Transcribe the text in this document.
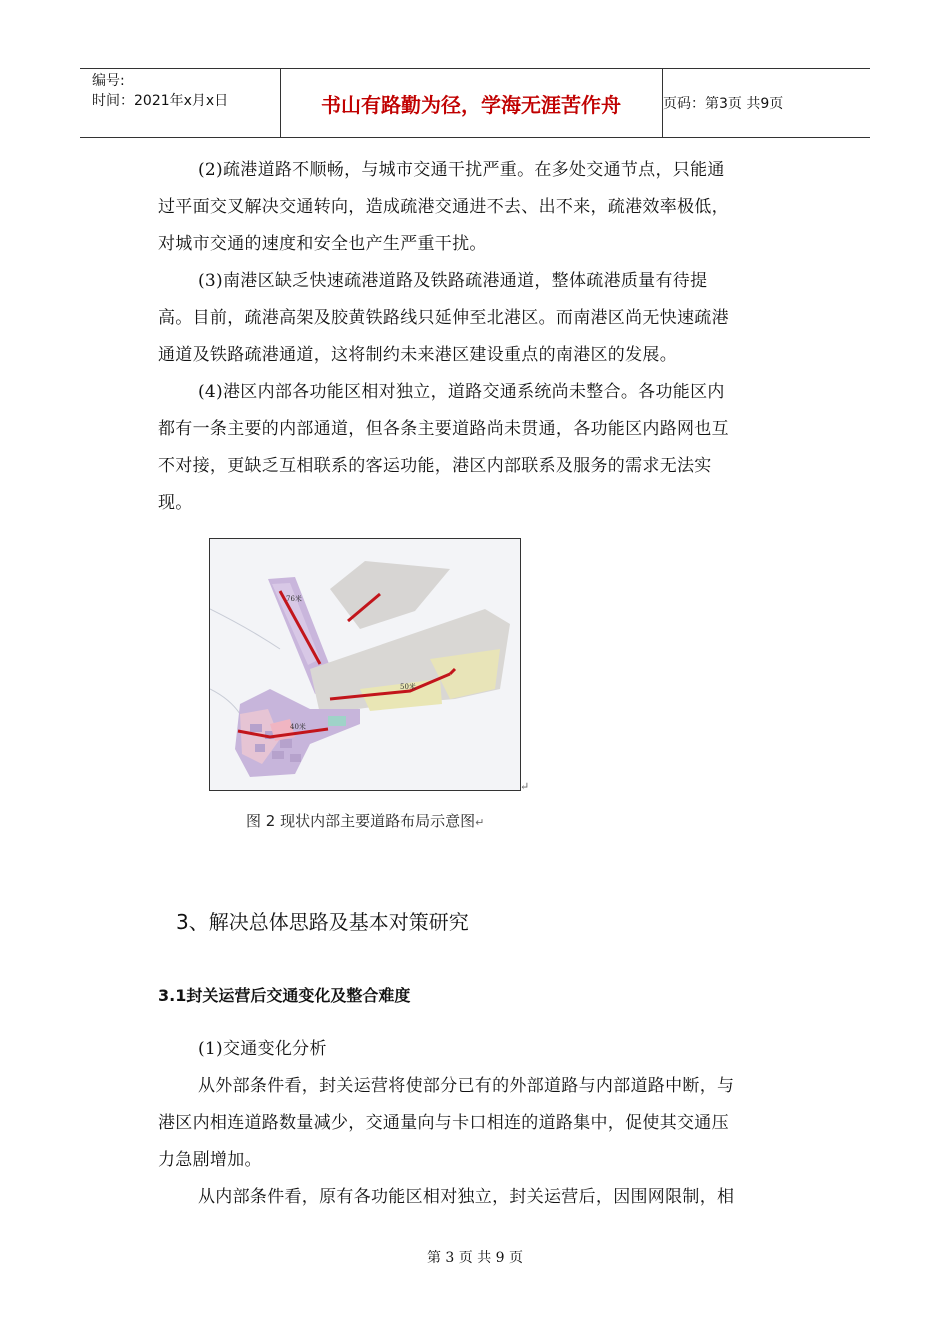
编号:
时间：2021年x月x日	书山有路勤为径，学海无涯苦作舟	页码：第3页 共9页

(2)疏港道路不顺畅，与城市交通干扰严重。在多处交通节点，只能通
过平面交叉解决交通转向，造成疏港交通进不去、出不来，疏港效率极低，
对城市交通的速度和安全也产生严重干扰。

(3)南港区缺乏快速疏港道路及铁路疏港通道，整体疏港质量有待提
高。目前，疏港高架及胶黄铁路线只延伸至北港区。而南港区尚无快速疏港
通道及铁路疏港通道，这将制约未来港区建设重点的南港区的发展。

(4)港区内部各功能区相对独立，道路交通系统尚未整合。各功能区内
都有一条主要的内部通道，但各条主要道路尚未贯通，各功能区内路网也互
不对接，更缺乏互相联系的客运功能，港区内部联系及服务的需求无法实
现。

50米
40米
76米
↵
图 2 现状内部主要道路布局示意图↵
3、解决总体思路及基本对策研究
3.1封关运营后交通变化及整合难度

(1)交通变化分析
从外部条件看，封关运营将使部分已有的外部道路与内部道路中断，与
港区内相连道路数量减少，交通量向与卡口相连的道路集中，促使其交通压
力急剧增加。
从内部条件看，原有各功能区相对独立，封关运营后，因围网限制，相

第 3 页 共 9 页
